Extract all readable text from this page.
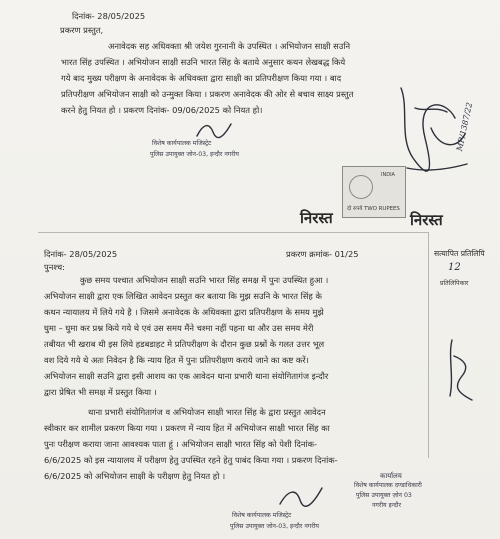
दिनांक- 28/05/2025
प्रकरण प्रस्तुत,
अनावेदक सह अधिवक्ता श्री जयेश गुरनानी के उपस्थित । अभियोजन साक्षी सउनि
भारत सिंह उपस्थित । अभियोजन साक्षी सउनि भारत सिंह के बताये अनुसार कथन लेखबद्ध किये
गये बाद मुख्य परीक्षण के अनावेदक के अधिवक्ता द्वारा साक्षी का प्रतिपरीक्षण किया गया । बाद
प्रतिपरीक्षण अभियोजन साक्षी को उन्मुक्त किया । प्रकरण अनावेदक की ओर से बचाव साक्ष्य प्रस्तुत
करने हेतु नियत हो । प्रकरण दिनांक- 09/06/2025 को नियत हो।
विशेष कार्यपालक मजिस्ट्रेट
पुलिस उपायुक्त जोन-03, इन्दौर नगरीय
MP/1387/22
INDIA
दो रुपये TWO RUPEES
निरस्त	निरस्त
दिनांक- 28/05/2025	प्रकरण क्रमांक- 01/25
पुनश्च:
कुछ समय पश्चात अभियोजन साक्षी सउनि भारत सिंह समक्ष में पुनः उपस्थित हुआ ।
अभियोजन साक्षी द्वारा एक लिखित आवेदन प्रस्तुत कर बताया कि मुझ सउनि के भारत सिंह के
कथन न्यायालय में लिये गये है । जिसमे अनावेदक के अधिवक्ता द्वारा प्रतिपरीक्षण के समय मुझे
घुमा – घुमा कर प्रश्न किये गये थे एवं उस समय मैंने चश्मा नहीं पहना था और उस समय मेरी
तबीयत भी खराब थी इस लिये हडबडाहट मे प्रतिपरीक्षण के दौरान कुछ प्रश्नों के गलत उत्तर भूल
वश दिये गये थे अतः निवेदन है कि न्याय हित में पुनः प्रतिपरीक्षण कराये जाने का कष्ट करें।
अभियोजन साक्षी सउनि द्वारा इसी आशय का एक आवेदन थाना प्रभारी थाना संयोगितागंज इन्दौर
द्वारा प्रेषित भी समक्ष में प्रस्तुत किया ।
थाना प्रभारी संयोगितागंज व अभियोजन साक्षी भारत सिंह के द्वारा प्रस्तुत आवेदन
स्वीकार कर शामील प्रकरण किया गया । प्रकरण में न्याय हित में अभियोजन साक्षी भारत सिंह का
पुनः परीक्षण कराया जाना आवश्यक पाता हूं । अभियोजन साक्षी भारत सिंह को पेशी दिनांक-
6/6/2025 को इस न्यायालय में परीक्षण हेतु उपस्थित रहने हेतु पाबंद किया गया । प्रकरण दिनांक-
6/6/2025 को अभियोजन साक्षी के परीक्षण हेतु नियत हो ।
विशेष कार्यपालक मजिस्ट्रेट
पुलिस उपायुक्त जोन-03, इन्दौर नगरीय
कार्यालय
विशेष कार्यपालक दण्डाधिकारी
पुलिस उपायुक्त ज़ोन 03
नगरीय इन्दौर
सत्यापित प्रतिलिपि
12
प्रतिलिपिकार
